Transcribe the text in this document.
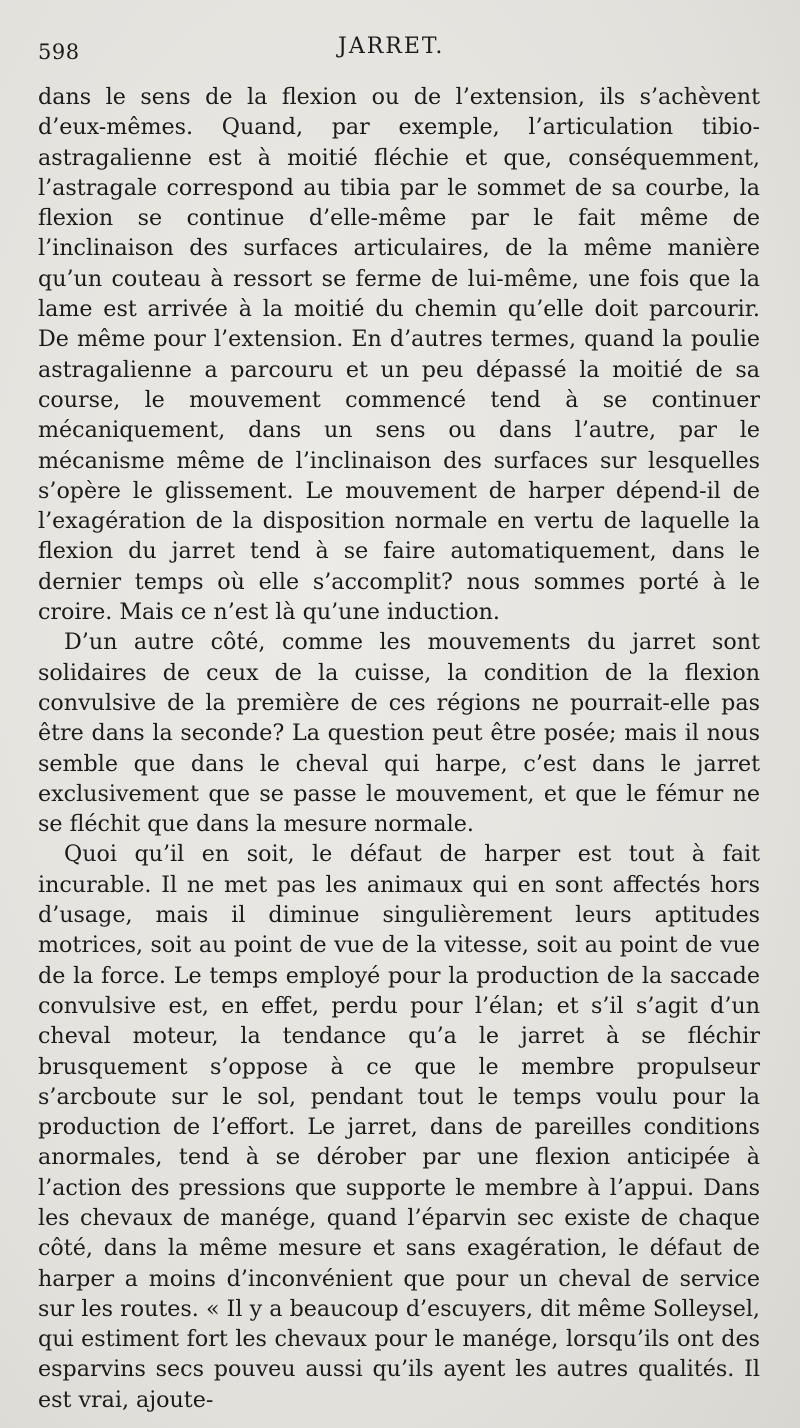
598	JARRET.

dans le sens de la flexion ou de l’extension, ils s’achèvent d’eux-mêmes. Quand, par exemple, l’articulation tibio-astragalienne est à moitié fléchie et que, conséquemment, l’astragale correspond au tibia par le sommet de sa courbe, la flexion se continue d’elle-même par le fait même de l’inclinaison des surfaces articulaires, de la même manière qu’un couteau à ressort se ferme de lui-même, une fois que la lame est arrivée à la moitié du chemin qu’elle doit parcourir. De même pour l’extension. En d’autres termes, quand la poulie astragalienne a parcouru et un peu dépassé la moitié de sa course, le mouvement commencé tend à se continuer mécaniquement, dans un sens ou dans l’autre, par le mécanisme même de l’inclinaison des surfaces sur lesquelles s’opère le glissement. Le mouvement de harper dépend-il de l’exagération de la disposition normale en vertu de laquelle la flexion du jarret tend à se faire automatiquement, dans le dernier temps où elle s’accomplit? nous sommes porté à le croire. Mais ce n’est là qu’une induction.

D’un autre côté, comme les mouvements du jarret sont solidaires de ceux de la cuisse, la condition de la flexion convulsive de la première de ces régions ne pourrait-elle pas être dans la seconde? La question peut être posée; mais il nous semble que dans le cheval qui harpe, c’est dans le jarret exclusivement que se passe le mouvement, et que le fémur ne se fléchit que dans la mesure normale.

Quoi qu’il en soit, le défaut de harper est tout à fait incurable. Il ne met pas les animaux qui en sont affectés hors d’usage, mais il diminue singulièrement leurs aptitudes motrices, soit au point de vue de la vitesse, soit au point de vue de la force. Le temps employé pour la production de la saccade convulsive est, en effet, perdu pour l’élan; et s’il s’agit d’un cheval moteur, la tendance qu’a le jarret à se fléchir brusquement s’oppose à ce que le membre propulseur s’arcboute sur le sol, pendant tout le temps voulu pour la production de l’effort. Le jarret, dans de pareilles conditions anormales, tend à se dérober par une flexion anticipée à l’action des pressions que supporte le membre à l’appui. Dans les chevaux de manége, quand l’éparvin sec existe de chaque côté, dans la même mesure et sans exagération, le défaut de harper a moins d’inconvénient que pour un cheval de service sur les routes. « Il y a beaucoup d’escuyers, dit même Solleysel, qui estiment fort les chevaux pour le manége, lorsqu’ils ont des esparvins secs pouveu aussi qu’ils ayent les autres qualités. Il est vrai, ajoute-
